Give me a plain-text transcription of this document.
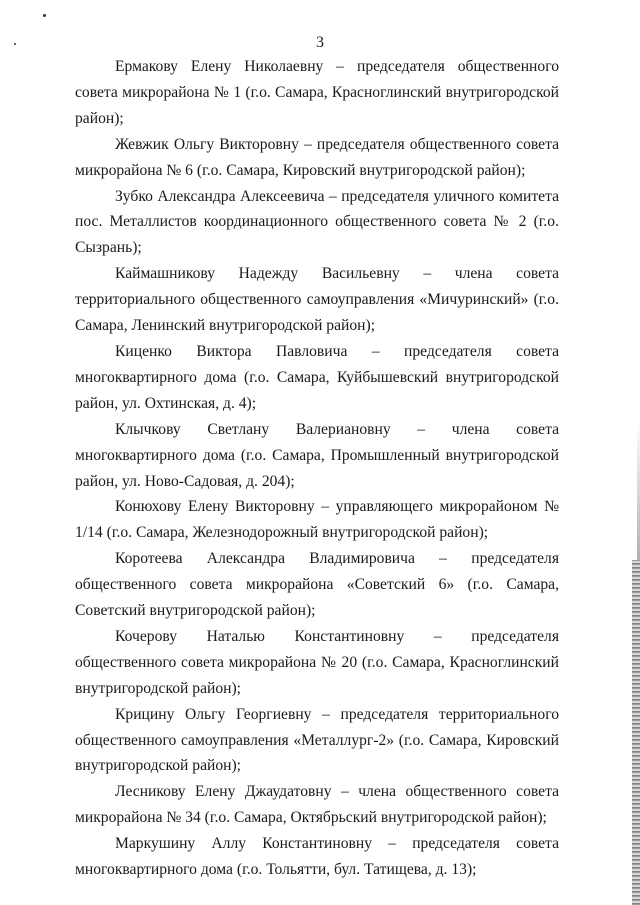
3

Ермакову Елену Николаевну – председателя общественного совета микрорайона № 1 (г.о. Самара, Красноглинский внутригородской район);

Жевжик Ольгу Викторовну – председателя общественного совета микрорайона № 6 (г.о. Самара, Кировский внутригородской район);

Зубко Александра Алексеевича – председателя уличного комитета пос. Металлистов координационного общественного совета № 2 (г.о. Сызрань);

Каймашникову Надежду Васильевну – члена совета территориального общественного самоуправления «Мичуринский» (г.о. Самара, Ленинский внутригородской район);

Киценко Виктора Павловича – председателя совета многоквартирного дома (г.о. Самара, Куйбышевский внутригородской район, ул. Охтинская, д. 4);

Клычкову Светлану Валериановну – члена совета многоквартирного дома (г.о. Самара, Промышленный внутригородской район, ул. Ново-Садовая, д. 204);

Конюхову Елену Викторовну – управляющего микрорайоном № 1/14 (г.о. Самара, Железнодорожный внутригородской район);

Коротеева Александра Владимировича – председателя общественного совета микрорайона «Советский 6» (г.о. Самара, Советский внутригородской район);

Кочерову Наталью Константиновну – председателя общественного совета микрорайона № 20 (г.о. Самара, Красноглинский внутригородской район);

Крицину Ольгу Георгиевну – председателя территориального общественного самоуправления «Металлург-2» (г.о. Самара, Кировский внутригородской район);

Лесникову Елену Джаудатовну – члена общественного совета микрорайона № 34 (г.о. Самара, Октябрьский внутригородской район);

Маркушину Аллу Константиновну – председателя совета многоквартирного дома (г.о. Тольятти, бул. Татищева, д. 13);
